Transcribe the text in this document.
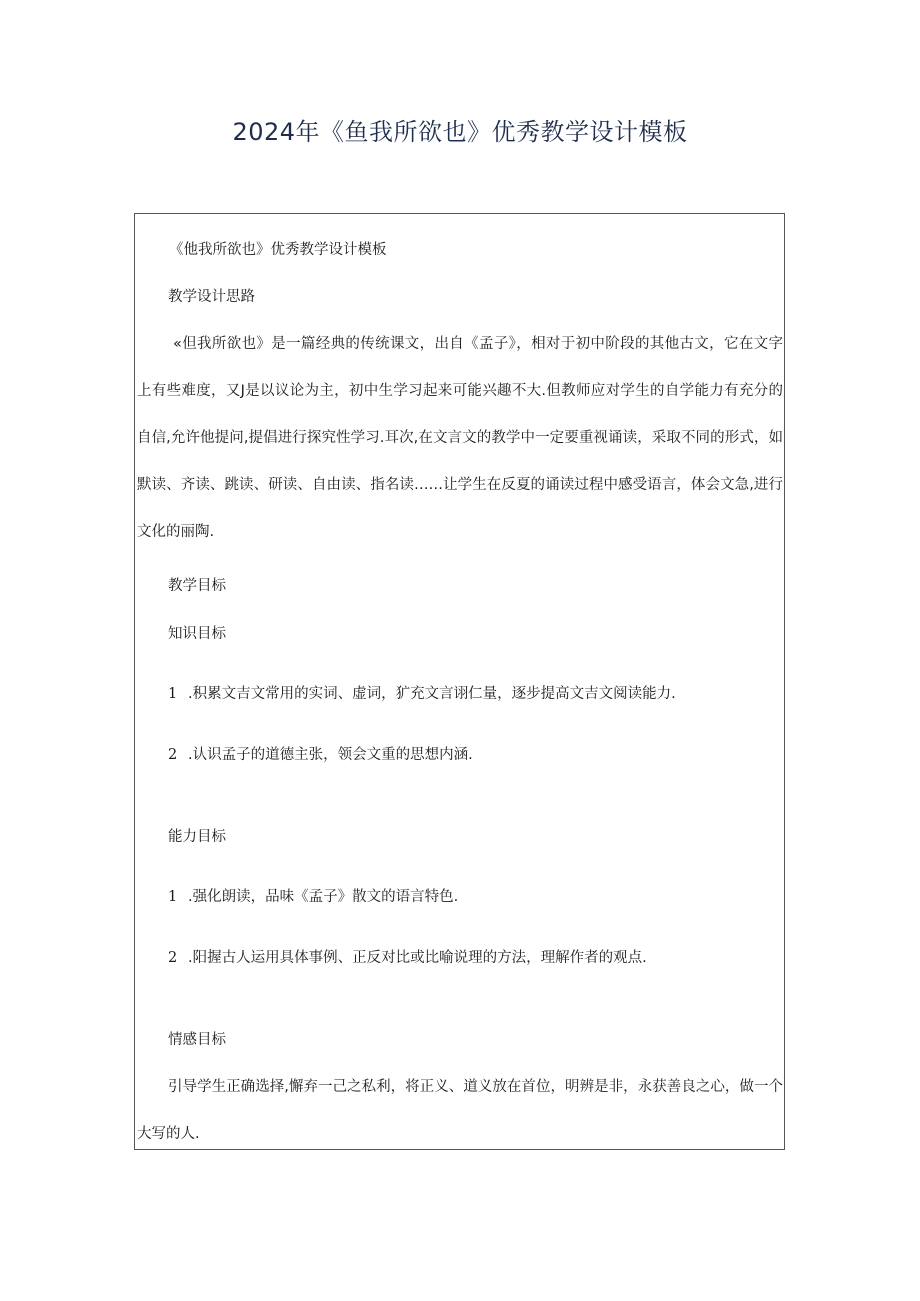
2024年《鱼我所欲也》优秀教学设计模板

《他我所欲也》优秀教学设计模板

教学设计思路

«但我所欲也》是一篇经典的传统课文，出自《孟子》，相对于初中阶段的其他古文，它在文字
上有些难度，又J是以议论为主，初中生学习起来可能兴趣不大.但教师应对学生的自学能力有充分的
自信,允许他提问,提倡进行探究性学习.耳次,在文言文的教学中一定要重视诵读，采取不同的形式，如
默读、齐读、跳读、研读、自由读、指名读……让学生在反夏的诵读过程中感受语言，体会文急,进行
文化的丽陶.

教学目标

知识目标

1 .积累文吉文常用的实词、虚词，犷充文言诩仁量，逐步提高文吉文阅读能力.
2 .认识孟子的道德主张，领会文重的思想内涵.

能力目标

1 .强化朗读，品味《孟子》散文的语言特色.
2 .阳握古人运用具体事例、正反对比或比喻说理的方法，理解作者的观点.

情感目标

引导学生正确选择,懈弃一己之私利，将正义、道义放在首位，明辨是非，永获善良之心，做一个
大写的人.
